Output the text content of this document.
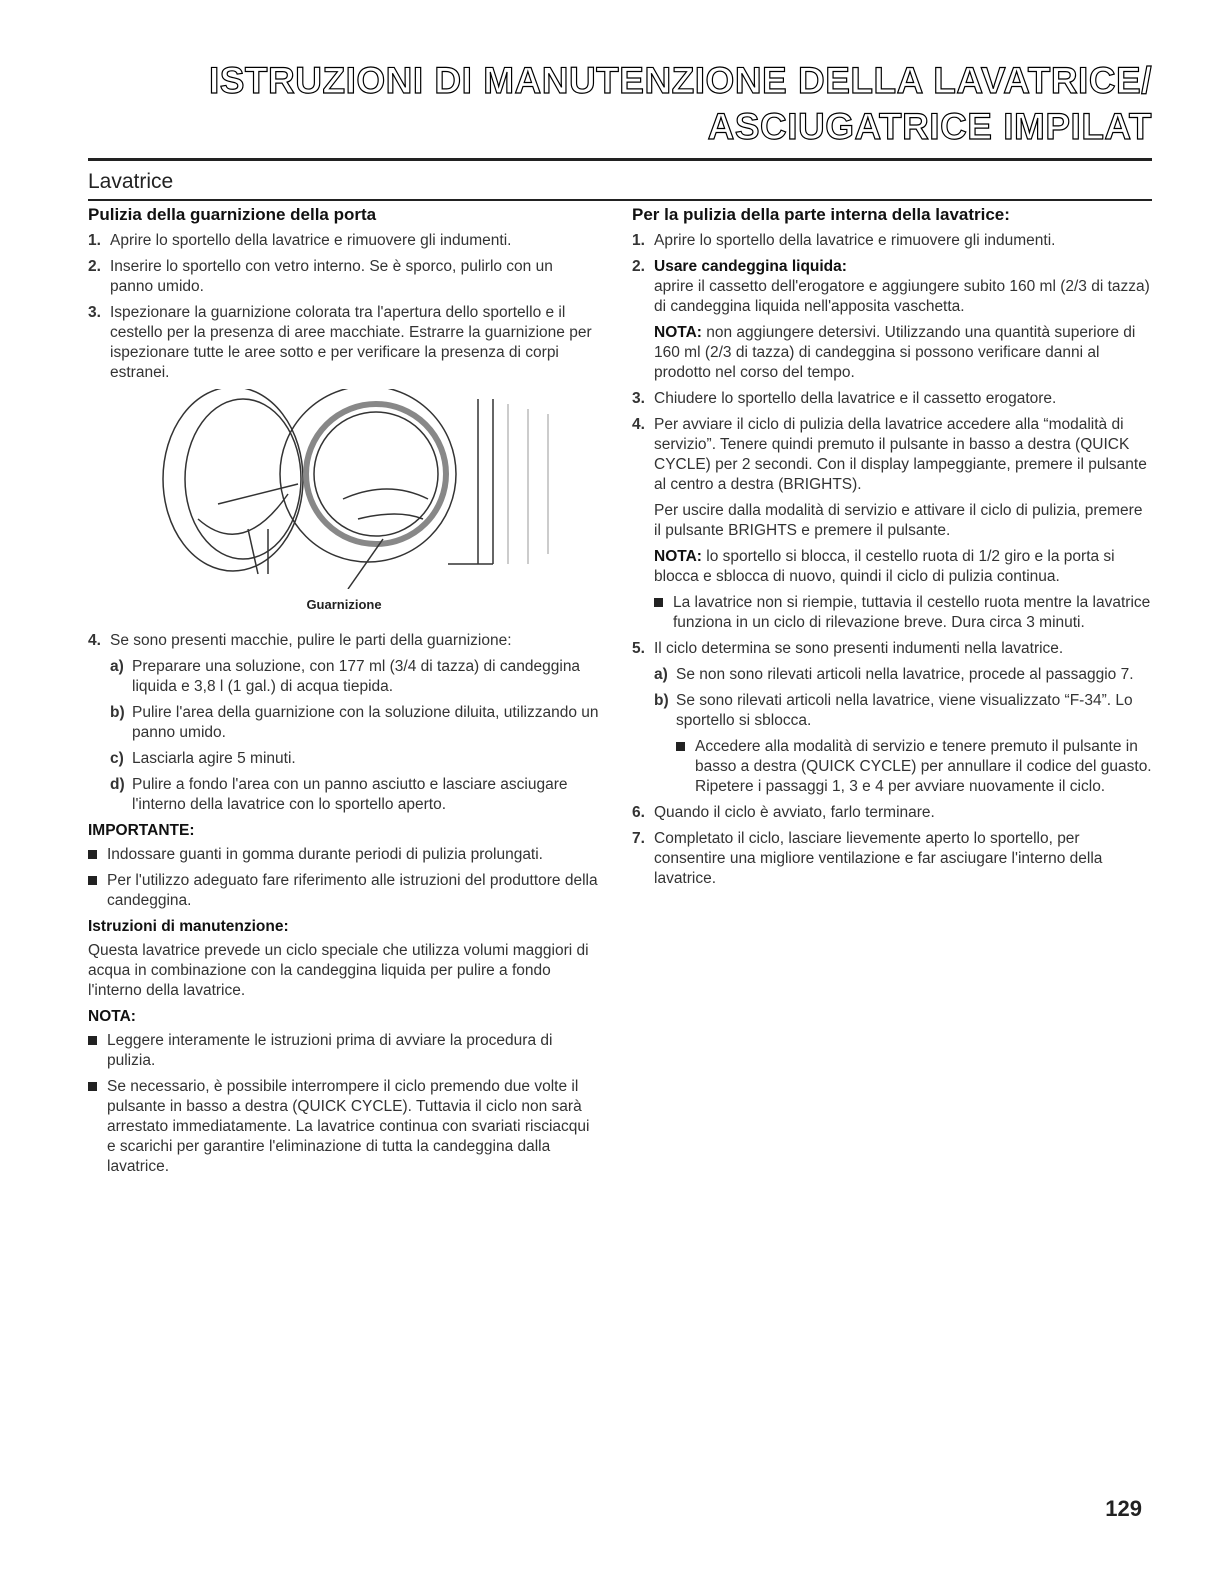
ISTRUZIONI DI MANUTENZIONE DELLA LAVATRICE/
ASCIUGATRICE IMPILAT
Lavatrice
Pulizia della guarnizione della porta
1. Aprire lo sportello della lavatrice e rimuovere gli indumenti.
2. Inserire lo sportello con vetro interno. Se è sporco, pulirlo con un panno umido.
3. Ispezionare la guarnizione colorata tra l'apertura dello sportello e il cestello per la presenza di aree macchiate. Estrarre la guarnizione per ispezionare tutte le aree sotto e per verificare la presenza di corpi estranei.
Guarnizione
4. Se sono presenti macchie, pulire le parti della guarnizione:
a) Preparare una soluzione, con 177 ml (3/4 di tazza) di candeggina liquida e 3,8 l (1 gal.) di acqua tiepida.
b) Pulire l'area della guarnizione con la soluzione diluita, utilizzando un panno umido.
c) Lasciarla agire 5 minuti.
d) Pulire a fondo l'area con un panno asciutto e lasciare asciugare l'interno della lavatrice con lo sportello aperto.
IMPORTANTE:
Indossare guanti in gomma durante periodi di pulizia prolungati.
Per l'utilizzo adeguato fare riferimento alle istruzioni del produttore della candeggina.
Istruzioni di manutenzione:

Questa lavatrice prevede un ciclo speciale che utilizza volumi maggiori di acqua in combinazione con la candeggina liquida per pulire a fondo l'interno della lavatrice.

NOTA:
Leggere interamente le istruzioni prima di avviare la procedura di pulizia.
Se necessario, è possibile interrompere il ciclo premendo due volte il pulsante in basso a destra (QUICK CYCLE). Tuttavia il ciclo non sarà arrestato immediatamente. La lavatrice continua con svariati risciacqui e scarichi per garantire l'eliminazione di tutta la candeggina dalla lavatrice.
Per la pulizia della parte interna della lavatrice:
1. Aprire lo sportello della lavatrice e rimuovere gli indumenti.
2. Usare candeggina liquida:
aprire il cassetto dell'erogatore e aggiungere subito 160 ml (2/3 di tazza) di candeggina liquida nell'apposita vaschetta.
NOTA: non aggiungere detersivi. Utilizzando una quantità superiore di 160 ml (2/3 di tazza) di candeggina si possono verificare danni al prodotto nel corso del tempo.
3. Chiudere lo sportello della lavatrice e il cassetto erogatore.
4. Per avviare il ciclo di pulizia della lavatrice accedere alla “modalità di servizio”. Tenere quindi premuto il pulsante in basso a destra (QUICK CYCLE) per 2 secondi. Con il display lampeggiante, premere il pulsante al centro a destra (BRIGHTS).

Per uscire dalla modalità di servizio e attivare il ciclo di pulizia, premere il pulsante BRIGHTS e premere il pulsante.

NOTA: lo sportello si blocca, il cestello ruota di 1/2 giro e la porta si blocca e sblocca di nuovo, quindi il ciclo di pulizia continua.
La lavatrice non si riempie, tuttavia il cestello ruota mentre la lavatrice funziona in un ciclo di rilevazione breve. Dura circa 3 minuti.
5. Il ciclo determina se sono presenti indumenti nella lavatrice.
a) Se non sono rilevati articoli nella lavatrice, procede al passaggio 7.
b) Se sono rilevati articoli nella lavatrice, viene visualizzato “F-34”. Lo sportello si sblocca.
Accedere alla modalità di servizio e tenere premuto il pulsante in basso a destra (QUICK CYCLE) per annullare il codice del guasto. Ripetere i passaggi 1, 3 e 4 per avviare nuovamente il ciclo.
6. Quando il ciclo è avviato, farlo terminare.
7. Completato il ciclo, lasciare lievemente aperto lo sportello, per consentire una migliore ventilazione e far asciugare l'interno della lavatrice.
129
